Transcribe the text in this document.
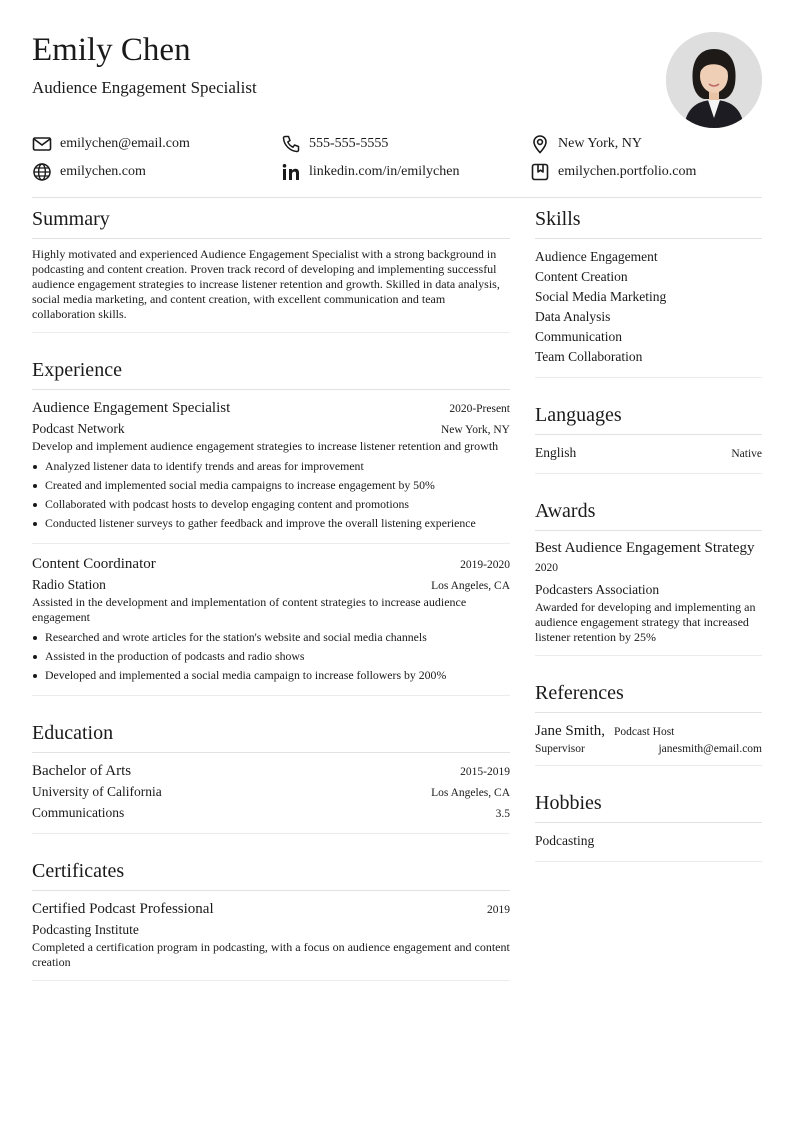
Emily Chen
Audience Engagement Specialist
emilychen@email.com	555-555-5555	New York, NY
emilychen.com	linkedin.com/in/emilychen	emilychen.portfolio.com
Summary
Highly motivated and experienced Audience Engagement Specialist with a strong background in podcasting and content creation. Proven track record of developing and implementing successful audience engagement strategies to increase listener retention and growth. Skilled in data analysis, social media marketing, and content creation, with excellent communication and team collaboration skills.
Experience
Audience Engagement Specialist	2020-Present
Podcast Network	New York, NY
Develop and implement audience engagement strategies to increase listener retention and growth
Analyzed listener data to identify trends and areas for improvement
Created and implemented social media campaigns to increase engagement by 50%
Collaborated with podcast hosts to develop engaging content and promotions
Conducted listener surveys to gather feedback and improve the overall listening experience
Content Coordinator	2019-2020
Radio Station	Los Angeles, CA
Assisted in the development and implementation of content strategies to increase audience engagement
Researched and wrote articles for the station's website and social media channels
Assisted in the production of podcasts and radio shows
Developed and implemented a social media campaign to increase followers by 200%
Education
Bachelor of Arts	2015-2019
University of California	Los Angeles, CA
Communications	3.5
Certificates
Certified Podcast Professional	2019
Podcasting Institute
Completed a certification program in podcasting, with a focus on audience engagement and content creation
Skills
Audience Engagement
Content Creation
Social Media Marketing
Data Analysis
Communication
Team Collaboration
Languages
English	Native
Awards
Best Audience Engagement Strategy
2020
Podcasters Association
Awarded for developing and implementing an audience engagement strategy that increased listener retention by 25%
References
Jane Smith, Podcast Host
Supervisor	janesmith@email.com
Hobbies
Podcasting
